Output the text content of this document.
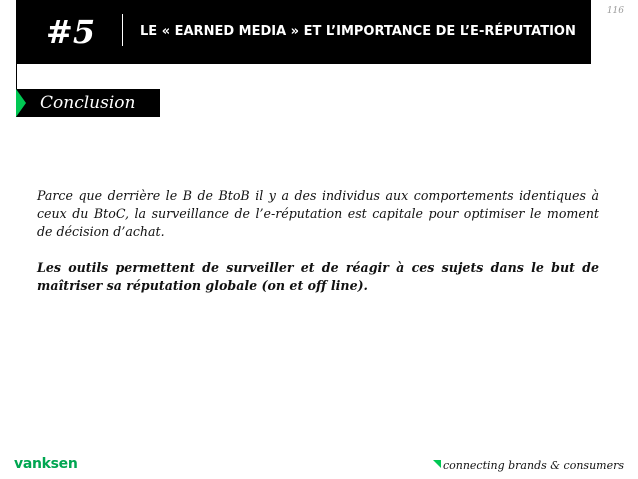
#5	LE « EARNED MEDIA » ET L’IMPORTANCE DE L’E-RÉPUTATION
116
Conclusion

Parce que derrière le B de BtoB il y a des individus aux comportements identiques à ceux du BtoC, la surveillance de l’e-réputation est capitale pour optimiser le moment de décision d’achat.

Les outils permettent de surveiller et de réagir à ces sujets dans le but de maîtriser sa réputation globale (on et off line).

vanksen	connecting brands & consumers
